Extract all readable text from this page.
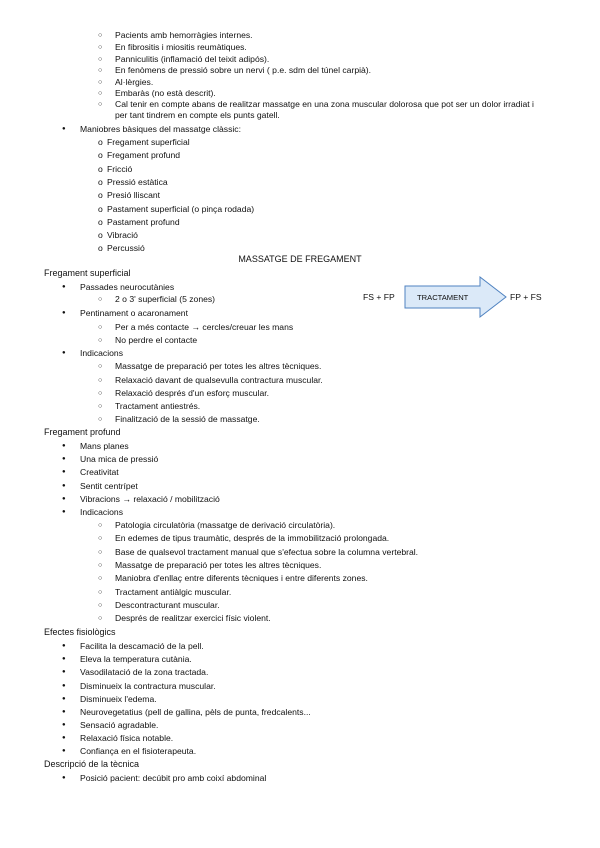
○ Pacients amb hemorràgies internes.
○ En fibrositis i miositis reumàtiques.
○ Panniculitis (inflamació del teixit adipós).
○ En fenòmens de pressió sobre un nervi ( p.e. sdm del túnel carpià).
○ Al·lèrgies.
○ Embaràs (no està descrit).
○ Cal tenir en compte abans de realitzar massatge en una zona muscular dolorosa que pot ser un dolor irradiat i per tant tindrem en compte els punts gatell.
● Maniobres bàsiques del massatge clàssic:
o Fregament superficial
o Fregament profund
o Fricció
o Pressió estàtica
o Presió lliscant
o Pastament superficial (o pinça rodada)
o Pastament profund
o Vibració
o Percussió
MASSATGE DE FREGAMENT
Fregament superficial
● Passades neurocutànies
○ 2 o 3' superficial (5 zones)
● Pentinament o acaronament
○ Per a més contacte → cercles/creuar les mans
○ No perdre el contacte
● Indicacions
○ Massatge de preparació per totes les altres tècniques.
○ Relaxació davant de qualsevulla contractura muscular.
○ Relaxació després d'un esforç muscular.
○ Tractament antiestrés.
○ Finalització de la sessió de massatge.
FS + FP	TRACTAMENT	FP + FS
Fregament profund
● Mans planes
● Una mica de pressió
● Creativitat
● Sentit centrípet
● Vibracions → relaxació / mobilització
● Indicacions
○ Patologia circulatòria (massatge de derivació circulatòria).
○ En edemes de tipus traumàtic, després de la immobilització prolongada.
○ Base de qualsevol tractament manual que s'efectua sobre la columna vertebral.
○ Massatge de preparació per totes les altres tècniques.
○ Maniobra d'enllaç entre diferents tècniques i entre diferents zones.
○ Tractament antiàlgic muscular.
○ Descontracturant muscular.
○ Després de realitzar exercici físic violent.
Efectes fisiològics
● Facilita la descamació de la pell.
● Eleva la temperatura cutània.
● Vasodilatació de la zona tractada.
● Disminueix la contractura muscular.
● Disminueix l'edema.
● Neurovegetatius (pell de gallina, pèls de punta, fredcalents...
● Sensació agradable.
● Relaxació física notable.
● Confiança en el fisioterapeuta.
Descripció de la tècnica
● Posició pacient: decúbit pro amb coixí abdominal
